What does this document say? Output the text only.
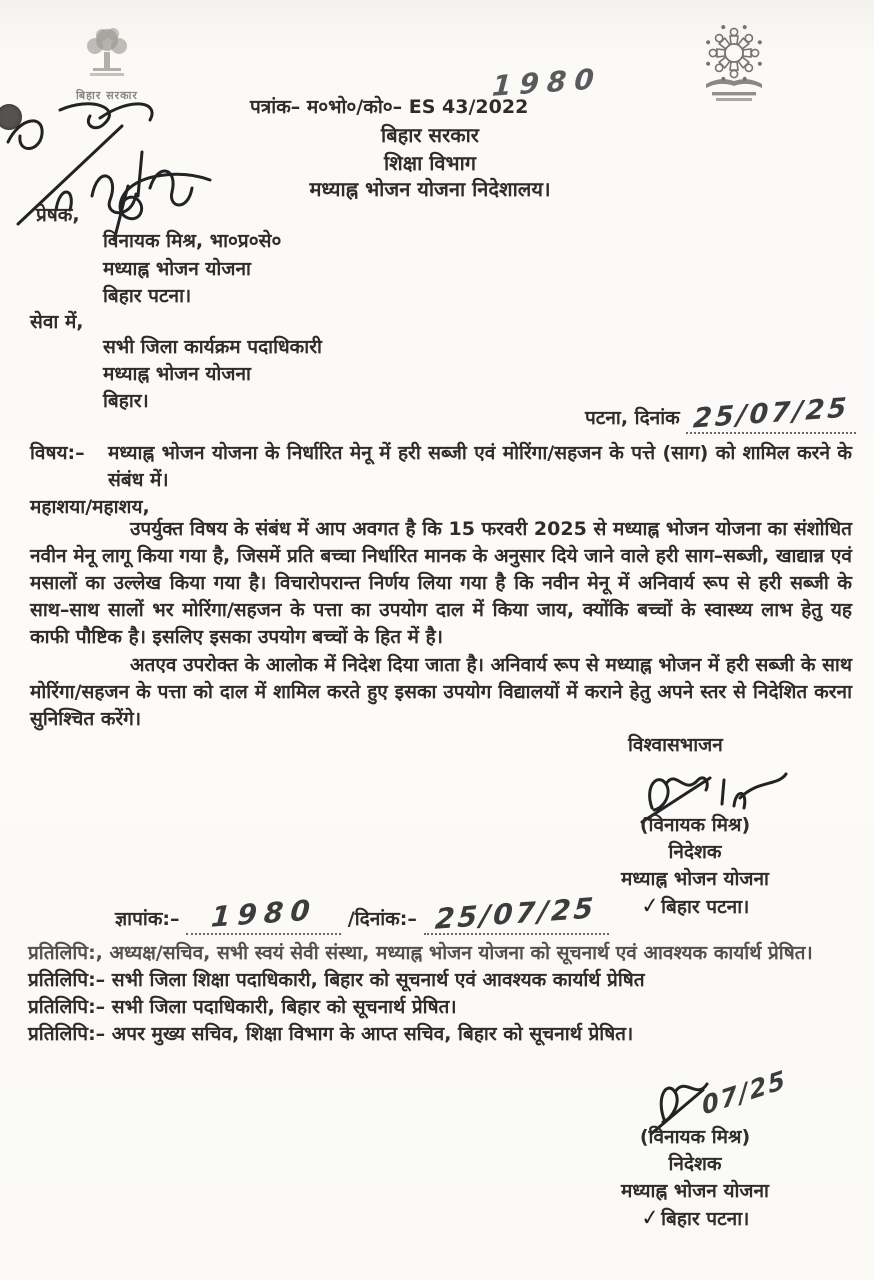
बिहार सरकार
पत्रांक– म०भो०/को०– ES 43/2022
1980
बिहार सरकार
शिक्षा विभाग
मध्याह्न भोजन योजना निदेशालय।
प्रेषक,
विनायक मिश्र, भा०प्र०से०
मध्याह्न भोजन योजना
बिहार पटना।
सेवा में,
सभी जिला कार्यक्रम पदाधिकारी
मध्याह्न भोजन योजना
बिहार।
पटना, दिनांक 25/07/25
विषय:–	मध्याह्न भोजन योजना के निर्धारित मेनू में हरी सब्जी एवं मोरिंगा/सहजन के पत्ते (साग) को शामिल करने के संबंध में।
महाशया/महाशय,
उपर्युक्त विषय के संबंध में आप अवगत है कि 15 फरवरी 2025 से मध्याह्न भोजन योजना का संशोधित नवीन मेनू लागू किया गया है, जिसमें प्रति बच्चा निर्धारित मानक के अनुसार दिये जाने वाले हरी साग–सब्जी, खाद्यान्न एवं मसालों का उल्लेख किया गया है। विचारोपरान्त निर्णय लिया गया है कि नवीन मेनू में अनिवार्य रूप से हरी सब्जी के साथ–साथ सालों भर मोरिंगा/सहजन के पत्ता का उपयोग दाल में किया जाय, क्योंकि बच्चों के स्वास्थ्य लाभ हेतु यह काफी पौष्टिक है। इसलिए इसका उपयोग बच्चों के हित में है।
अतएव उपरोक्त के आलोक में निदेश दिया जाता है। अनिवार्य रूप से मध्याह्न भोजन में हरी सब्जी के साथ मोरिंगा/सहजन के पत्ता को दाल में शामिल करते हुए इसका उपयोग विद्यालयों में कराने हेतु अपने स्तर से निदेशित करना सुनिश्चित करेंगे।
विश्वासभाजन
(विनायक मिश्र)
निदेशक
मध्याह्न भोजन योजना
✓बिहार पटना।
ज्ञापांक:– 1980 /दिनांक:– 25/07/25
प्रतिलिपि:, अध्यक्ष/सचिव, सभी स्वयं सेवी संस्था, मध्याह्न भोजन योजना को सूचनार्थ एवं आवश्यक कार्यार्थ प्रेषित।
प्रतिलिपि:– सभी जिला शिक्षा पदाधिकारी, बिहार को सूचनार्थ एवं आवश्यक कार्यार्थ प्रेषित
प्रतिलिपि:– सभी जिला पदाधिकारी, बिहार को सूचनार्थ प्रेषित।
प्रतिलिपि:– अपर मुख्य सचिव, शिक्षा विभाग के आप्त सचिव, बिहार को सूचनार्थ प्रेषित।
07/25
(विनायक मिश्र)
निदेशक
मध्याह्न भोजन योजना
✓बिहार पटना।
